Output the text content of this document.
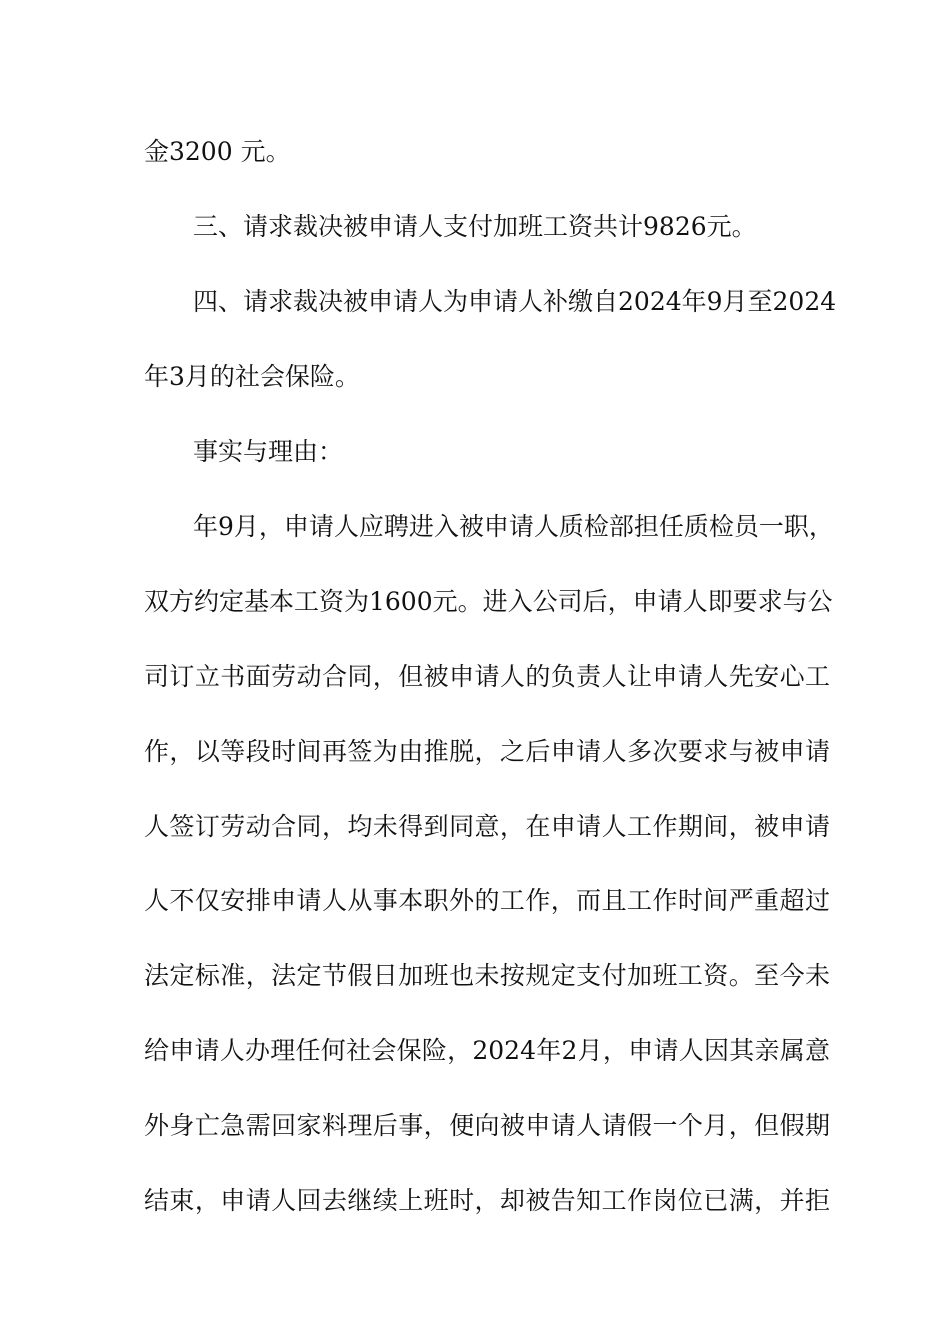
金3200 元。
三、请求裁决被申请人支付加班工资共计9826元。
四、请求裁决被申请人为申请人补缴自2024年9月至2024
年3月的社会保险。
事实与理由：
年9月，申请人应聘进入被申请人质检部担任质检员一职，
双方约定基本工资为1600元。进入公司后，申请人即要求与公
司订立书面劳动合同，但被申请人的负责人让申请人先安心工
作，以等段时间再签为由推脱，之后申请人多次要求与被申请
人签订劳动合同，均未得到同意，在申请人工作期间，被申请
人不仅安排申请人从事本职外的工作，而且工作时间严重超过
法定标准，法定节假日加班也未按规定支付加班工资。至今未
给申请人办理任何社会保险，2024年2月，申请人因其亲属意
外身亡急需回家料理后事，便向被申请人请假一个月，但假期
结束，申请人回去继续上班时，却被告知工作岗位已满，并拒
